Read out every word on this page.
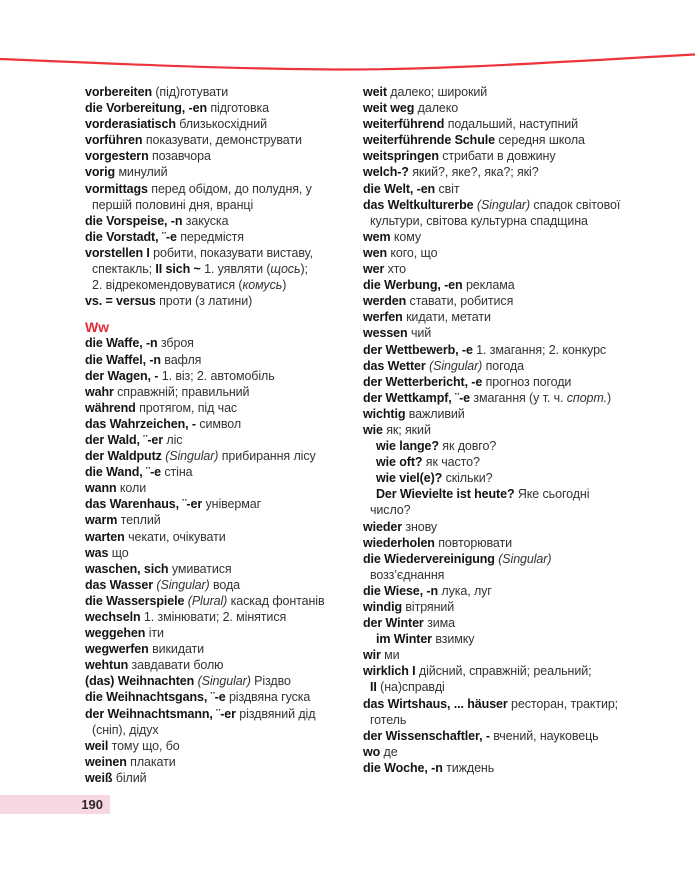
vorbereiten (під)готувати
die Vorbereitung, -en підготовка
vorderasiatisch близькосхідний
vorführen показувати, демонструвати
vorgestern позавчора
vorig минулий
vormittags перед обідом, до полудня, у
першій половині дня, вранці
die Vorspeise, -n закуска
die Vorstadt, ¨-e передмістя
vorstellen I робити, показувати виставу,
спектакль; II sich ~ 1. уявляти (щось);
2. відрекомендовуватися (комусь)
vs. = versus проти (з латини)
Ww
die Waffe, -n зброя
die Waffel, -n вафля
der Wagen, - 1. віз; 2. автомобіль
wahr справжній; правильний
während протягом, під час
das Wahrzeichen, - символ
der Wald, ¨-er ліс
der Waldputz (Singular) прибирання лісу
die Wand, ¨-e стіна
wann коли
das Warenhaus, ¨-er універмаг
warm теплий
warten чекати, очікувати
was що
waschen, sich умиватися
das Wasser (Singular) вода
die Wasserspiele (Plural) каскад фонтанів
wechseln 1. змінювати; 2. мінятися
weggehen іти
wegwerfen викидати
wehtun завдавати болю
(das) Weihnachten (Singular) Різдво
die Weihnachtsgans, ¨-e різдвяна гуска
der Weihnachtsmann, ¨-er різдвяний дід
(сніп), дідух
weil тому що, бо
weinen плакати
weiß білий
weit далеко; широкий
weit weg далеко
weiterführend подальший, наступний
weiterführende Schule середня школа
weitspringen стрибати в довжину
welch-? який?, яке?, яка?; які?
die Welt, -en світ
das Weltkulturerbe (Singular) спадок світової
культури, світова культурна спадщина
wem кому
wen кого, що
wer хто
die Werbung, -en реклама
werden ставати, робитися
werfen кидати, метати
wessen чий
der Wettbewerb, -e 1. змагання; 2. конкурс
das Wetter (Singular) погода
der Wetterbericht, -e прогноз погоди
der Wettkampf, ¨-e змагання (у т. ч. спорт.)
wichtig важливий
wie як; який
wie lange? як довго?
wie oft? як часто?
wie viel(e)? скільки?
Der Wievielte ist heute? Яке сьогодні
число?
wieder знову
wiederholen повторювати
die Wiedervereinigung (Singular)
возз’єднання
die Wiese, -n лука, луг
windig вітряний
der Winter зима
im Winter взимку
wir ми
wirklich I дійсний, справжній; реальний;
II (на)справді
das Wirtshaus, ... häuser ресторан, трактир;
готель
der Wissenschaftler, - вчений, науковець
wo де
die Woche, -n тиждень
190
